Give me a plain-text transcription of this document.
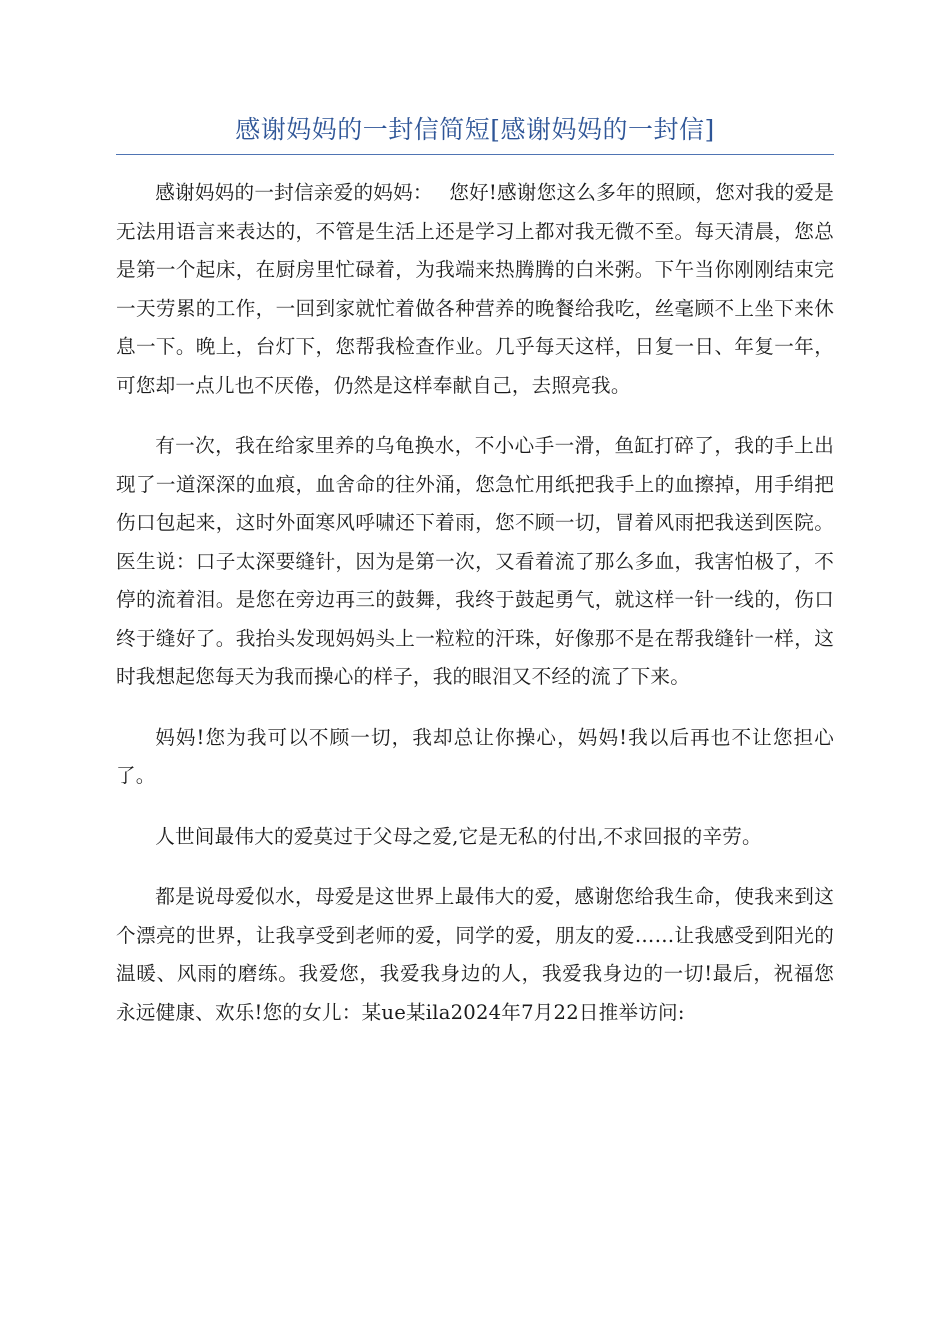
感谢妈妈的一封信简短[感谢妈妈的一封信]

感谢妈妈的一封信亲爱的妈妈：　 您好!感谢您这么多年的照顾，您对我的爱是无法用语言来表达的，不管是生活上还是学习上都对我无微不至。每天清晨，您总是第一个起床，在厨房里忙碌着，为我端来热腾腾的白米粥。下午当你刚刚结束完一天劳累的工作，一回到家就忙着做各种营养的晚餐给我吃，丝毫顾不上坐下来休息一下。晚上，台灯下，您帮我检查作业。几乎每天这样，日复一日、年复一年，可您却一点儿也不厌倦，仍然是这样奉献自己，去照亮我。

有一次，我在给家里养的乌龟换水，不小心手一滑，鱼缸打碎了，我的手上出现了一道深深的血痕，血舍命的往外涌，您急忙用纸把我手上的血擦掉，用手绢把伤口包起来，这时外面寒风呼啸还下着雨，您不顾一切，冒着风雨把我送到医院。医生说：口子太深要缝针，因为是第一次，又看着流了那么多血，我害怕极了，不停的流着泪。是您在旁边再三的鼓舞，我终于鼓起勇气，就这样一针一线的，伤口终于缝好了。我抬头发现妈妈头上一粒粒的汗珠，好像那不是在帮我缝针一样，这时我想起您每天为我而操心的样子，我的眼泪又不经的流了下来。

妈妈!您为我可以不顾一切，我却总让你操心，妈妈!我以后再也不让您担心了。

人世间最伟大的爱莫过于父母之爱,它是无私的付出,不求回报的辛劳。

都是说母爱似水，母爱是这世界上最伟大的爱，感谢您给我生命，使我来到这个漂亮的世界，让我享受到老师的爱，同学的爱，朋友的爱……让我感受到阳光的温暖、风雨的磨练。我爱您，我爱我身边的人，我爱我身边的一切!最后，祝福您永远健康、欢乐!您的女儿：某ue某ila2024年7月22日推举访问:
